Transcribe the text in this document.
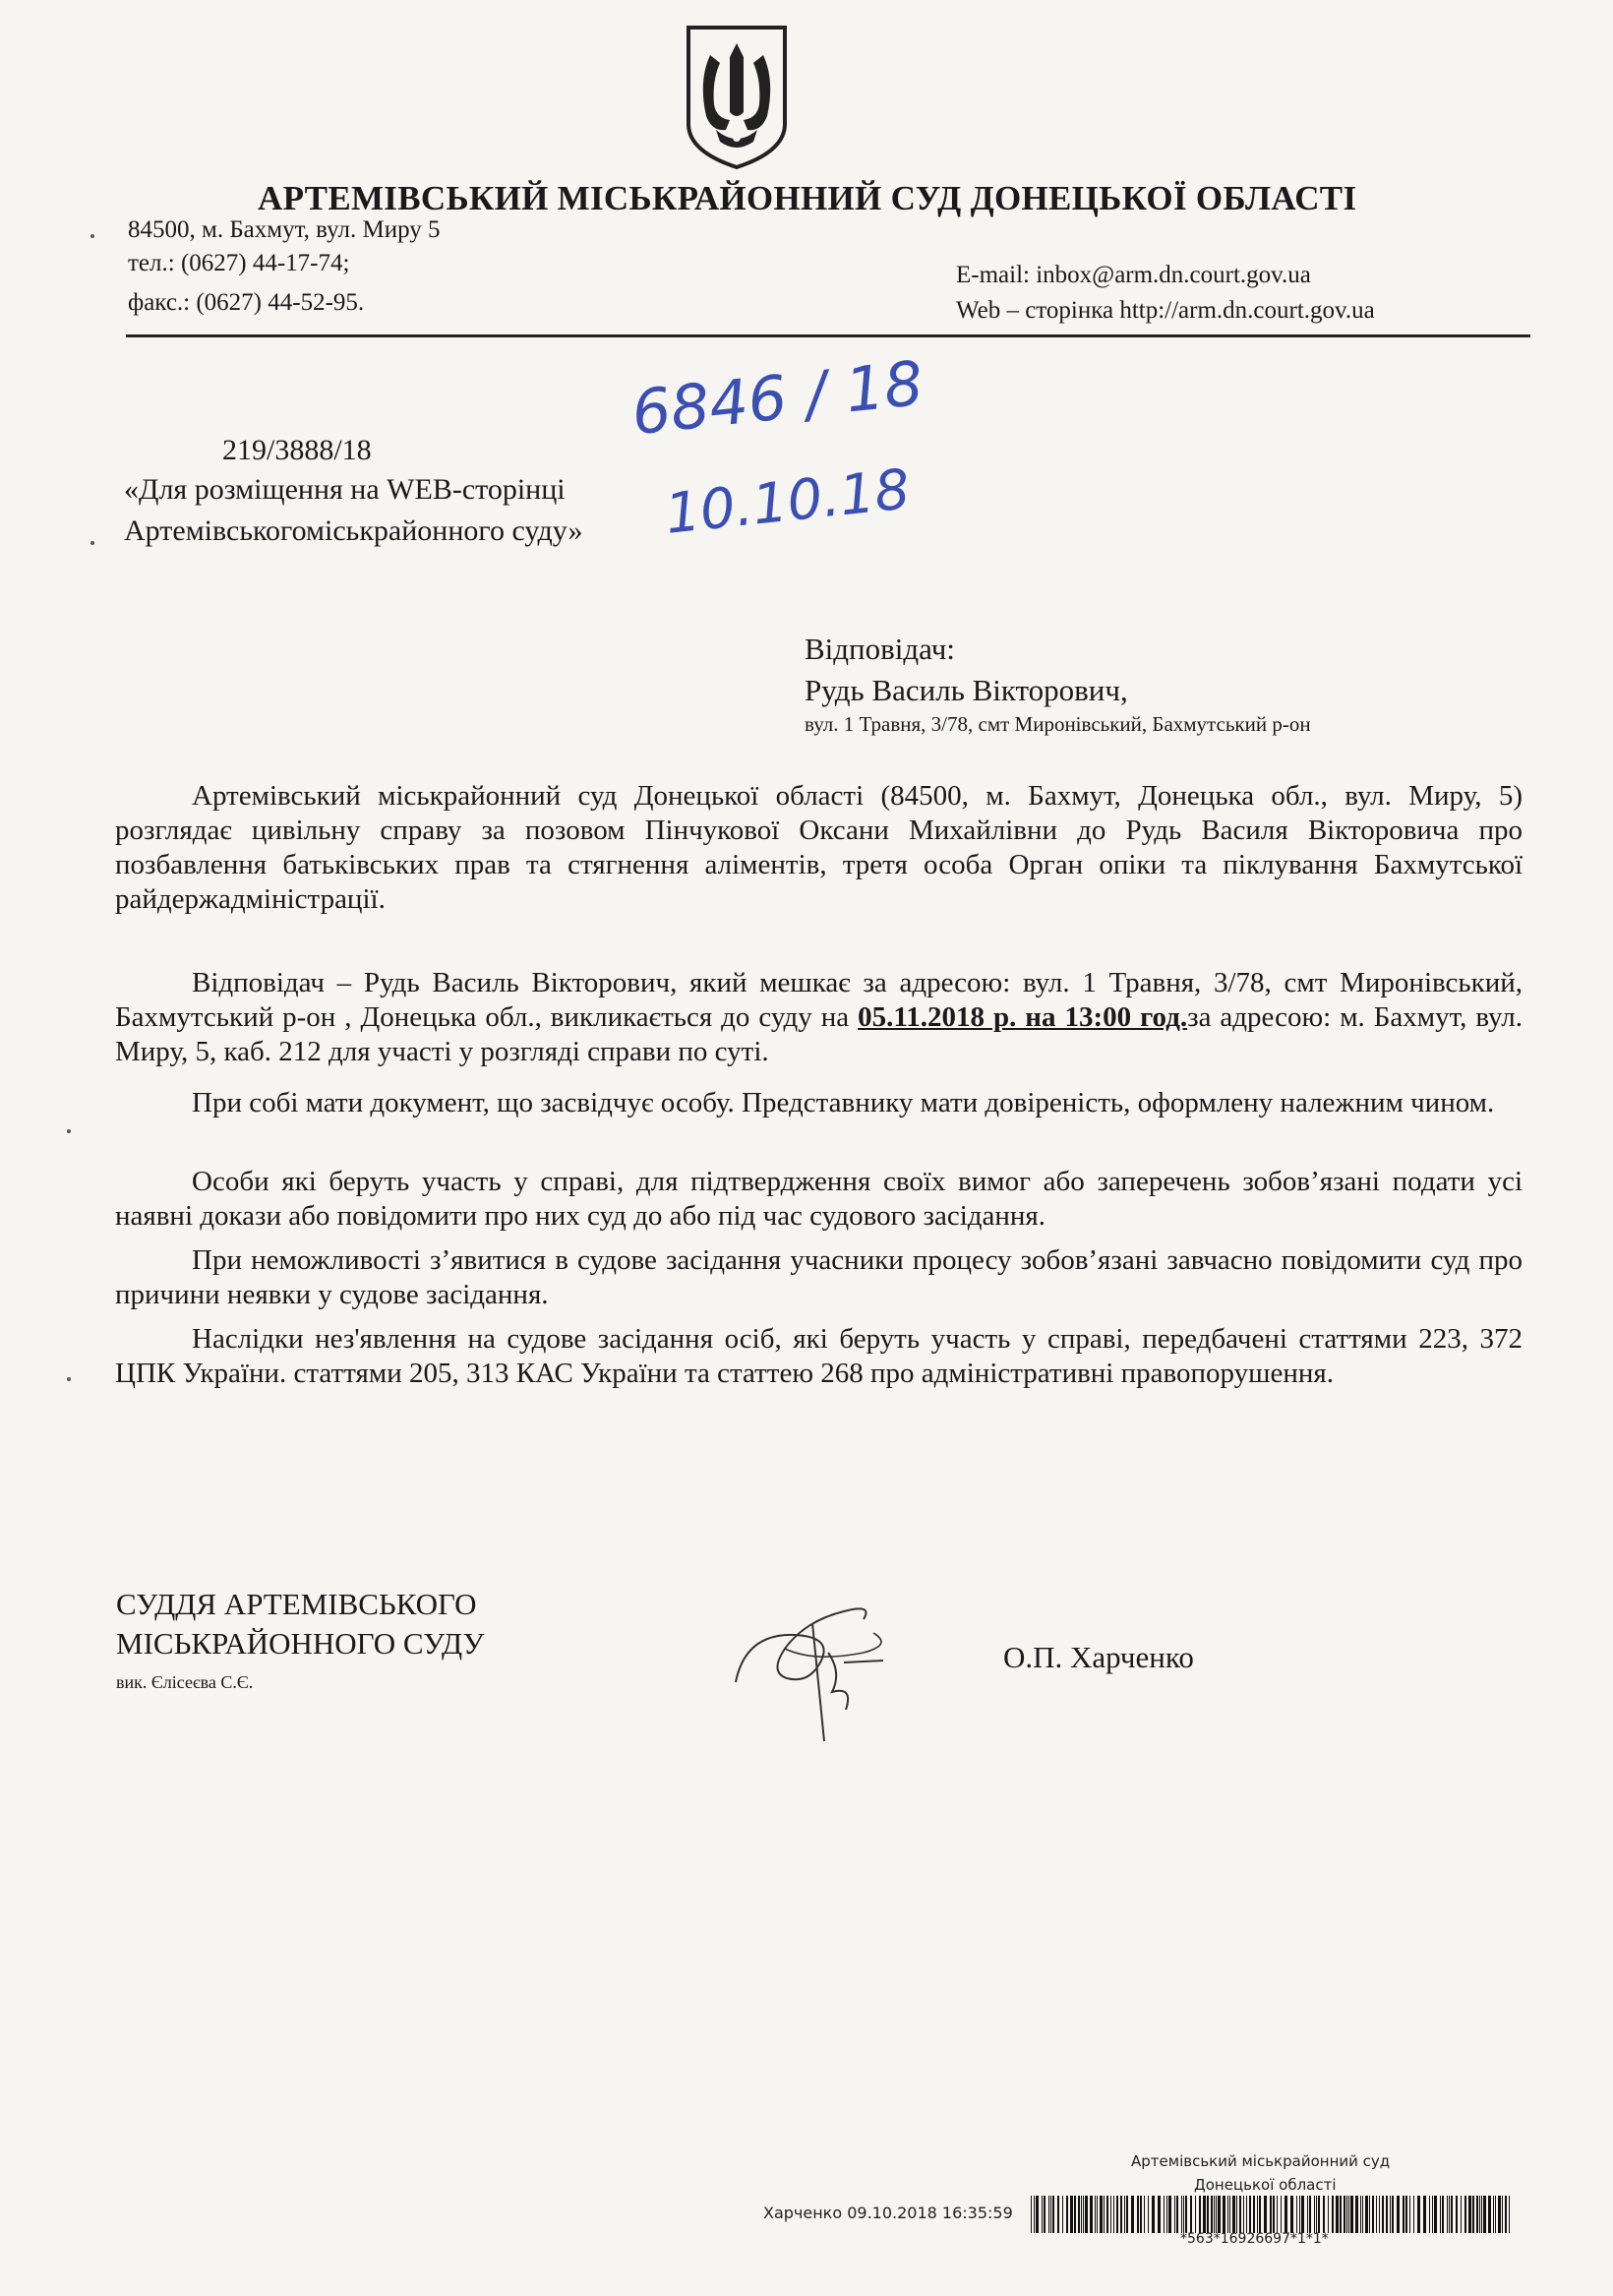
АРТЕМІВСЬКИЙ МІСЬКРАЙОННИЙ СУД ДОНЕЦЬКОЇ ОБЛАСТІ
84500, м. Бахмут, вул. Миру 5
тел.: (0627) 44-17-74;
факс.: (0627) 44-52-95.
E-mail: inbox@arm.dn.court.gov.ua
Web – сторінка http://arm.dn.court.gov.ua
6846 / 18
10.10.18
219/3888/18
«Для розміщення на WEB-сторінці
Артемівськогоміськрайонного суду»
Відповідач:
Рудь Василь Вікторович,
вул. 1 Травня, 3/78, смт Миронівський, Бахмутський р-он
Артемівський міськрайонний суд Донецької області (84500, м. Бахмут, Донецька обл., вул. Миру, 5) розглядає цивільну справу за позовом Пінчукової Оксани Михайлівни до Рудь Василя Вікторовича про позбавлення батьківських прав та стягнення аліментів, третя особа Орган опіки та піклування Бахмутської райдержадміністрації.
Відповідач – Рудь Василь Вікторович, який мешкає за адресою: вул. 1 Травня, 3/78, смт Миронівський, Бахмутський р-он , Донецька обл., викликається до суду на 05.11.2018 р. на 13:00 год.за адресою: м. Бахмут, вул. Миру, 5, каб. 212 для участі у розгляді справи по суті.
При собі мати документ, що засвідчує особу. Представнику мати довіреність, оформлену належним чином.
Особи які беруть участь у справі, для підтвердження своїх вимог або заперечень зобов’язані подати усі наявні докази або повідомити про них суд до або під час судового засідання.
При неможливості з’явитися в судове засідання учасники процесу зобов’язані завчасно повідомити суд про причини неявки у судове засідання.
Наслідки нез'явлення на судове засідання осіб, які беруть участь у справі, передбачені статтями 223, 372 ЦПК України. статтями 205, 313 КАС України та статтею 268 про адміністративні правопорушення.
СУДДЯ АРТЕМІВСЬКОГО
МІСЬКРАЙОННОГО СУДУ
вик. Єлісеєва С.Є.
О.П. Харченко
Артемівський міськрайонний суд
Донецької області
Харченко 09.10.2018 16:35:59
*563*16926697*1*1*
